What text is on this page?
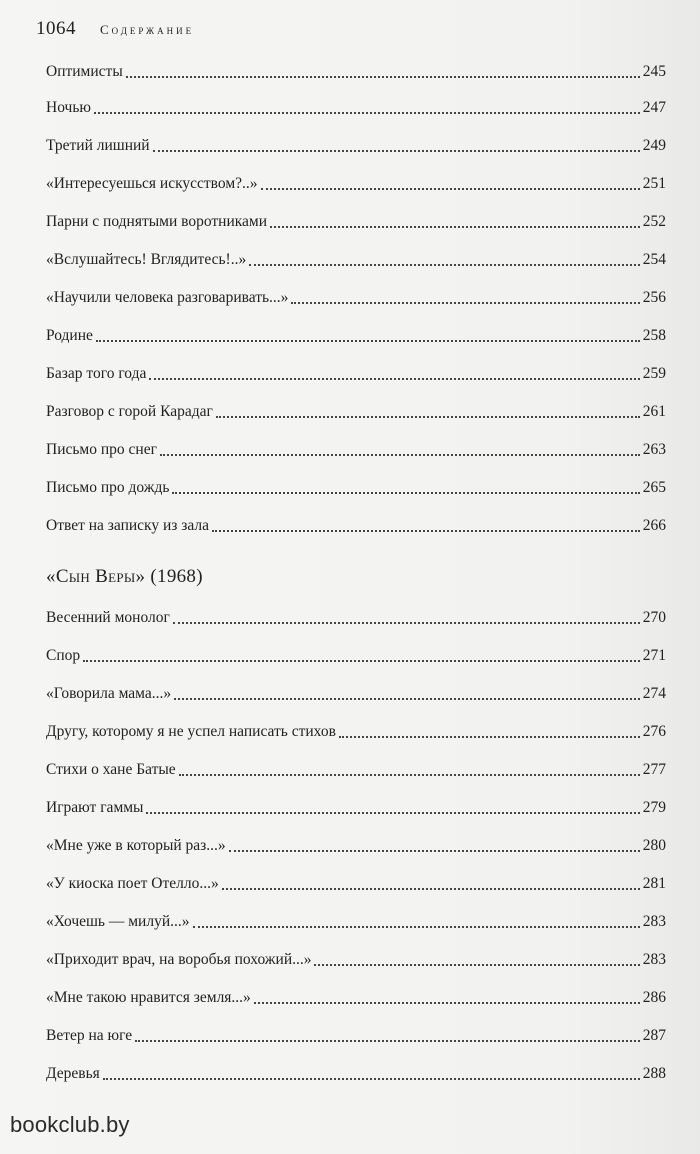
1064 Содержание
Оптимисты	245
Ночью	247
Третий лишний	249
«Интересуешься искусством?..»	251
Парни с поднятыми воротниками	252
«Вслушайтесь! Вглядитесь!..»	254
«Научили человека разговаривать...»	256
Родине	258
Базар того года	259
Разговор с горой Карадаг	261
Письмо про снег	263
Письмо про дождь	265
Ответ на записку из зала	266
Весенний монолог	270
Спор	271
«Говорила мама...»	274
Другу, которому я не успел написать стихов	276
Стихи о хане Батые	277
Играют гаммы	279
«Мне уже в который раз...»	280
«У киоска поет Отелло...»	281
«Хочешь — милуй...»	283
«Приходит врач, на воробья похожий...»	283
«Мне такою нравится земля...»	286
Ветер на юге	287
Деревья	288
«Сын Веры» (1968)
bookclub.by
